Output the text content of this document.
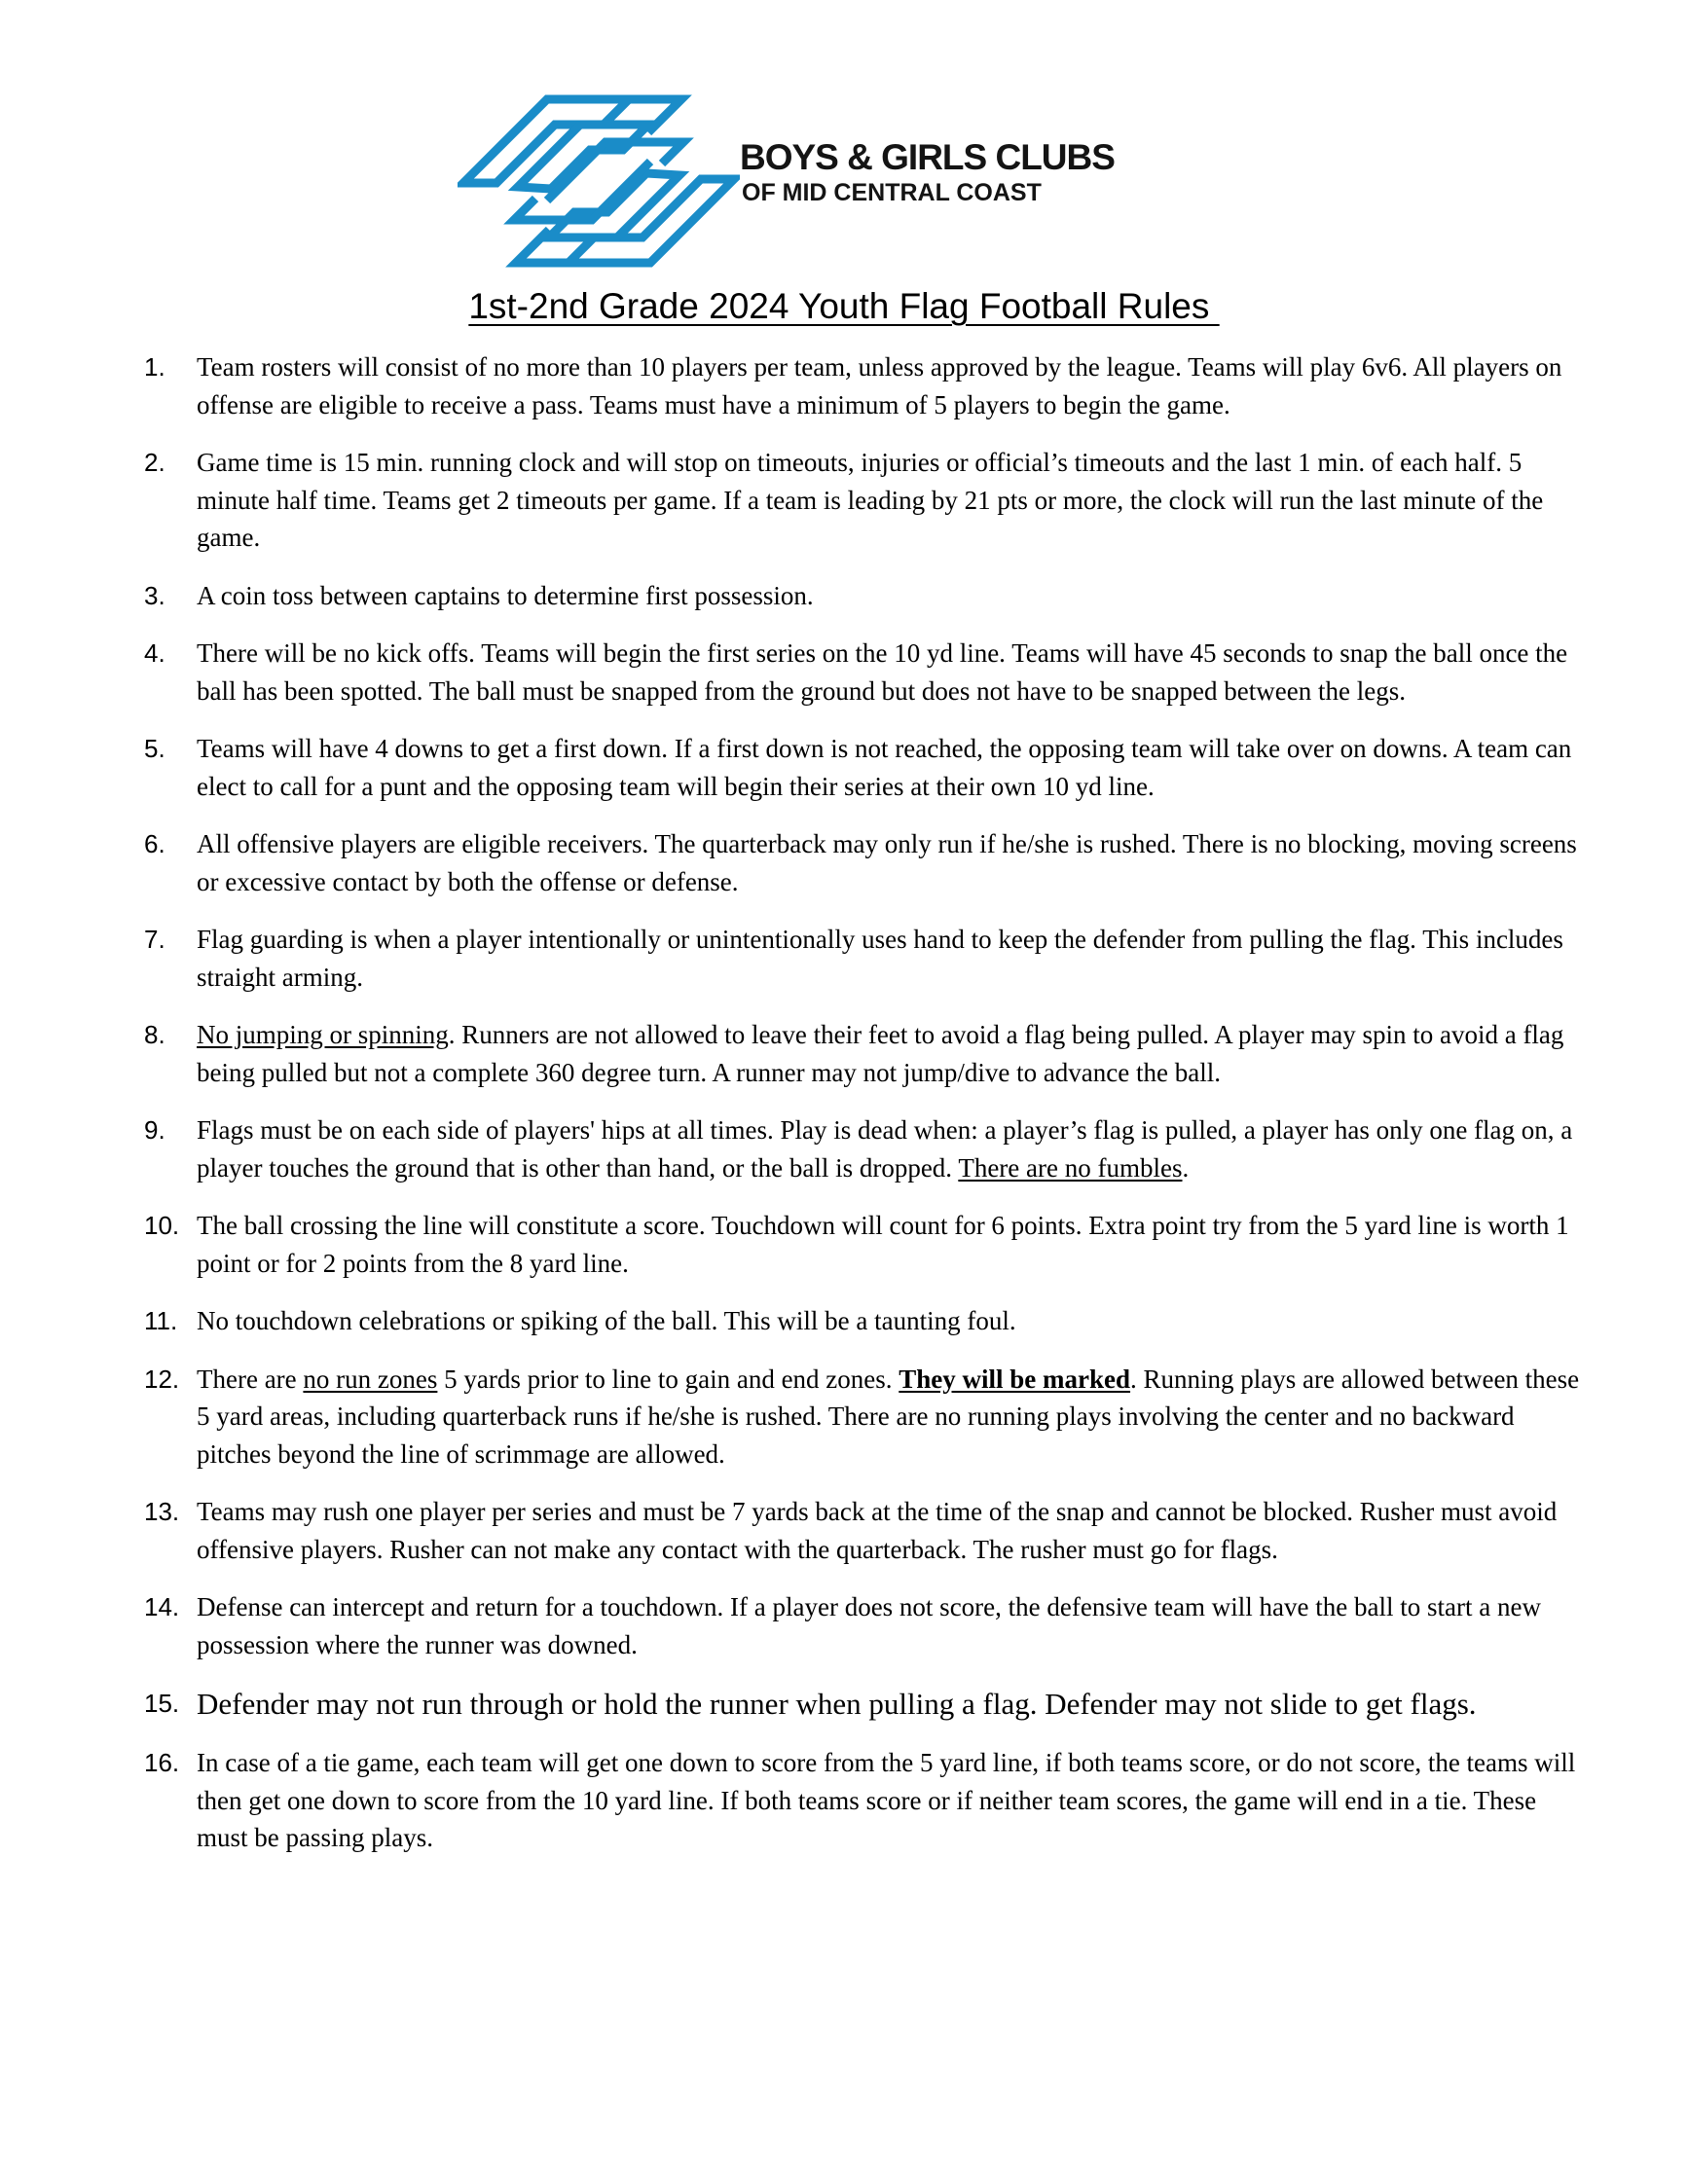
BOYS & GIRLS CLUBS
OF MID CENTRAL COAST
1st-2nd Grade 2024 Youth Flag Football Rules
1. Team rosters will consist of no more than 10 players per team, unless approved by the league. Teams will play 6v6. All players on offense are eligible to receive a pass. Teams must have a minimum of 5 players to begin the game.
2. Game time is 15 min. running clock and will stop on timeouts, injuries or official’s timeouts and the last 1 min. of each half. 5 minute half time. Teams get 2 timeouts per game. If a team is leading by 21 pts or more, the clock will run the last minute of the game.
3. A coin toss between captains to determine first possession.
4. There will be no kick offs. Teams will begin the first series on the 10 yd line. Teams will have 45 seconds to snap the ball once the ball has been spotted. The ball must be snapped from the ground but does not have to be snapped between the legs.
5. Teams will have 4 downs to get a first down. If a first down is not reached, the opposing team will take over on downs. A team can elect to call for a punt and the opposing team will begin their series at their own 10 yd line.
6. All offensive players are eligible receivers. The quarterback may only run if he/she is rushed. There is no blocking, moving screens or excessive contact by both the offense or defense.
7. Flag guarding is when a player intentionally or unintentionally uses hand to keep the defender from pulling the flag. This includes straight arming.
8. No jumping or spinning. Runners are not allowed to leave their feet to avoid a flag being pulled. A player may spin to avoid a flag being pulled but not a complete 360 degree turn. A runner may not jump/dive to advance the ball.
9. Flags must be on each side of players' hips at all times. Play is dead when: a player’s flag is pulled, a player has only one flag on, a player touches the ground that is other than hand, or the ball is dropped. There are no fumbles.
10. The ball crossing the line will constitute a score. Touchdown will count for 6 points. Extra point try from the 5 yard line is worth 1 point or for 2 points from the 8 yard line.
11. No touchdown celebrations or spiking of the ball. This will be a taunting foul.
12. There are no run zones 5 yards prior to line to gain and end zones. They will be marked. Running plays are allowed between these 5 yard areas, including quarterback runs if he/she is rushed. There are no running plays involving the center and no backward pitches beyond the line of scrimmage are allowed.
13. Teams may rush one player per series and must be 7 yards back at the time of the snap and cannot be blocked. Rusher must avoid offensive players. Rusher can not make any contact with the quarterback. The rusher must go for flags.
14. Defense can intercept and return for a touchdown. If a player does not score, the defensive team will have the ball to start a new possession where the runner was downed.
15. Defender may not run through or hold the runner when pulling a flag. Defender may not slide to get flags.
16. In case of a tie game, each team will get one down to score from the 5 yard line, if both teams score, or do not score, the teams will then get one down to score from the 10 yard line. If both teams score or if neither team scores, the game will end in a tie. These must be passing plays.
